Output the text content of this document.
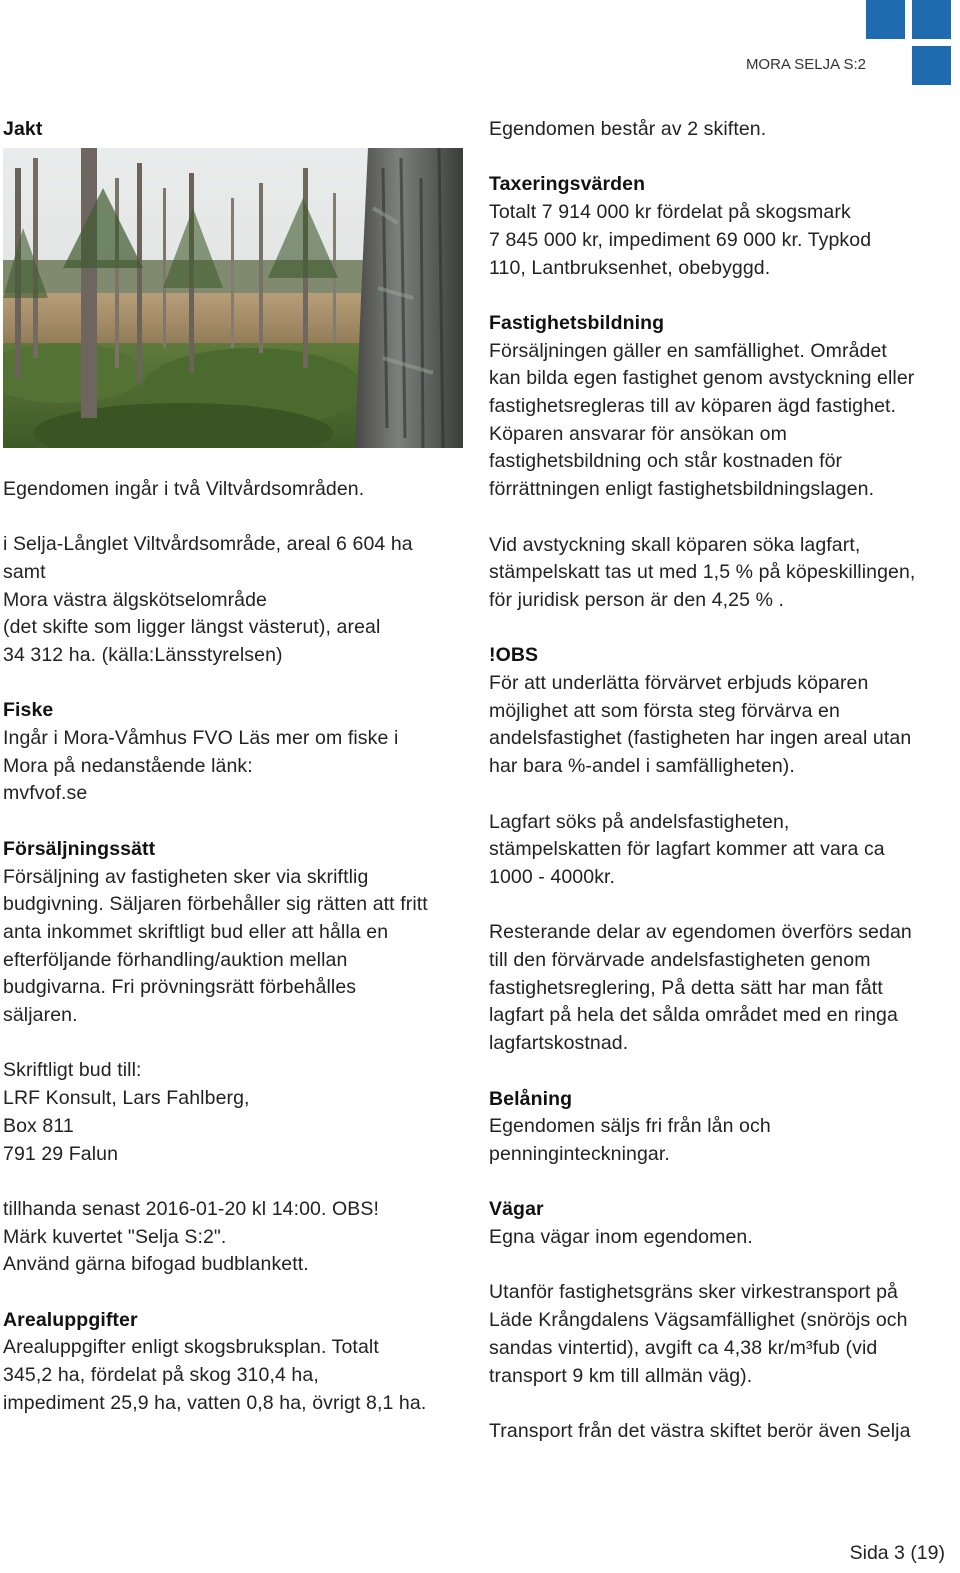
MORA SELJA S:2
Jakt

Egendomen ingår i två Viltvårdsområden.

i Selja-Långlet Viltvårdsområde, areal 6 604 ha
samt
Mora västra älgskötselområde
(det skifte som ligger längst västerut), areal
34 312 ha. (källa:Länsstyrelsen)

Fiske

Ingår i Mora-Våmhus FVO Läs mer om fiske i
Mora på nedanstående länk:
mvfvof.se

Försäljningssätt

Försäljning av fastigheten sker via skriftlig
budgivning. Säljaren förbehåller sig rätten att fritt
anta inkommet skriftligt bud eller att hålla en
efterföljande förhandling/auktion mellan
budgivarna. Fri prövningsrätt förbehålles
säljaren.

Skriftligt bud till:
LRF Konsult, Lars Fahlberg,
Box 811
791 29 Falun

tillhanda senast 2016-01-20 kl 14:00. OBS!
Märk kuvertet "Selja S:2".
Använd gärna bifogad budblankett.

Arealuppgifter

Arealuppgifter enligt skogsbruksplan. Totalt
345,2 ha, fördelat på skog 310,4 ha,
impediment 25,9 ha, vatten 0,8 ha, övrigt 8,1 ha.

Egendomen består av 2 skiften.

Taxeringsvärden

Totalt 7 914 000 kr fördelat på skogsmark
7 845 000 kr, impediment 69 000 kr. Typkod
110, Lantbruksenhet, obebyggd.

Fastighetsbildning

Försäljningen gäller en samfällighet. Området
kan bilda egen fastighet genom avstyckning eller
fastighetsregleras till av köparen ägd fastighet.
Köparen ansvarar för ansökan om
fastighetsbildning och står kostnaden för
förrättningen enligt fastighetsbildningslagen.

Vid avstyckning skall köparen söka lagfart,
stämpelskatt tas ut med 1,5 % på köpeskillingen,
för juridisk person är den 4,25 % .

!OBS

För att underlätta förvärvet erbjuds köparen
möjlighet att som första steg förvärva en
andelsfastighet (fastigheten har ingen areal utan
har bara %-andel i samfälligheten).

Lagfart söks på andelsfastigheten,
stämpelskatten för lagfart kommer att vara ca
1000 - 4000kr.

Resterande delar av egendomen överförs sedan
till den förvärvade andelsfastigheten genom
fastighetsreglering, På detta sätt har man fått
lagfart på hela det sålda området med en ringa
lagfartskostnad.

Belåning

Egendomen säljs fri från lån och
penninginteckningar.

Vägar

Egna vägar inom egendomen.

Utanför fastighetsgräns sker virkestransport på
Läde Krångdalens Vägsamfällighet (snöröjs och
sandas vintertid), avgift ca 4,38 kr/m³fub (vid
transport 9 km till allmän väg).

Transport från det västra skiftet berör även Selja

Sida 3 (19)
